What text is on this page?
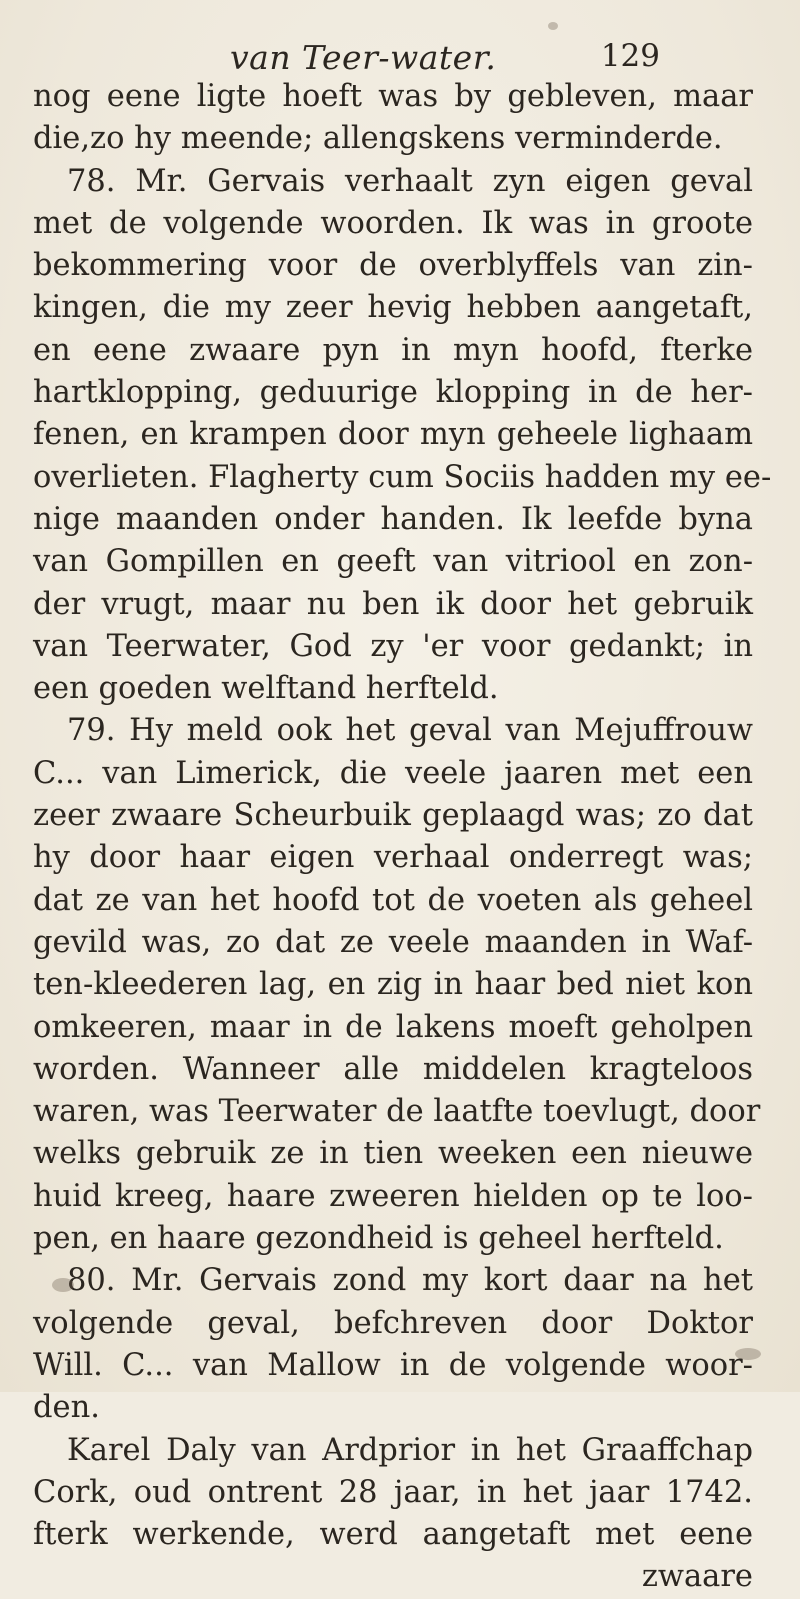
van Teer-water.	129
nog eene ligte hoeft was by gebleven, maar
die,zo hy meende; allengskens verminderde.
78. Mr. Gervais verhaalt zyn eigen geval
met de volgende woorden. Ik was in groote
bekommering voor de overblyffels van zin-
kingen, die my zeer hevig hebben aangetaft,
en eene zwaare pyn in myn hoofd, fterke
hartklopping, geduurige klopping in de her-
fenen, en krampen door myn geheele lighaam
overlieten. Flagherty cum Sociis hadden my ee-
nige maanden onder handen. Ik leefde byna
van Gompillen en geeft van vitriool en zon-
der vrugt, maar nu ben ik door het gebruik
van Teerwater, God zy 'er voor gedankt; in
een goeden welftand herfteld.
79. Hy meld ook het geval van Mejuffrouw
C... van Limerick, die veele jaaren met een
zeer zwaare Scheurbuik geplaagd was; zo dat
hy door haar eigen verhaal onderregt was;
dat ze van het hoofd tot de voeten als geheel
gevild was, zo dat ze veele maanden in Waf-
ten-kleederen lag, en zig in haar bed niet kon
omkeeren, maar in de lakens moeft geholpen
worden. Wanneer alle middelen kragteloos
waren, was Teerwater de laatfte toevlugt, door
welks gebruik ze in tien weeken een nieuwe
huid kreeg, haare zweeren hielden op te loo-
pen, en haare gezondheid is geheel herfteld.
80. Mr. Gervais zond my kort daar na het
volgende geval, befchreven door Doktor
Will. C... van Mallow in de volgende woor-
den.
Karel Daly van Ardprior in het Graaffchap
Cork, oud ontrent 28 jaar, in het jaar 1742.
fterk werkende, werd aangetaft met eene
zwaare
